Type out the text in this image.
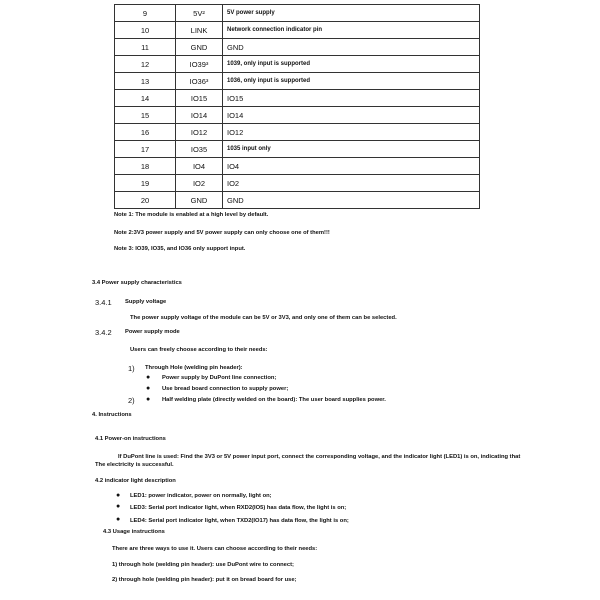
9	5V²	5V power supply
10	LINK	Network connection indicator pin
11	GND	GND
12	IO39³	1039, only input is supported
13	IO36³	1036, only input is supported
14	IO15	IO15
15	IO14	IO14
16	IO12	IO12
17	IO35	1035 input only
18	IO4	IO4
19	IO2	IO2
20	GND	GND
Note 1: The module is enabled at a high level by default.
Note 2:3V3 power supply and 5V power supply can only choose one of them!!!
Note 3: IO39, IO35, and IO36 only support input.
3.4 Power supply characteristics
3.4.1 Supply voltage
The power supply voltage of the module can be 5V or 3V3, and only one of them can be selected.
3.4.2 Power supply mode
Users can freely choose according to their needs:
1) Through Hole (welding pin header):
● Power supply by DuPont line connection;
● Use bread board connection to supply power;
2) ● Half welding plate (directly welded on the board): The user board supplies power.
4. Instructions
4.1 Power-on instructions
If DuPont line is used: Find the 3V3 or 5V power input port, connect the corresponding voltage, and the indicator light (LED1) is on, indicating that
The electricity is successful.
4.2 indicator light description
● LED1: power indicator, power on normally, light on;
● LED3: Serial port indicator light, when RXD2(IO5) has data flow, the light is on;
● LED4: Serial port indicator light, when TXD2(IO17) has data flow, the light is on;
4.3 Usage instructions
There are three ways to use it. Users can choose according to their needs:
1) through hole (welding pin header): use DuPont wire to connect;
2) through hole (welding pin header): put it on bread board for use;
